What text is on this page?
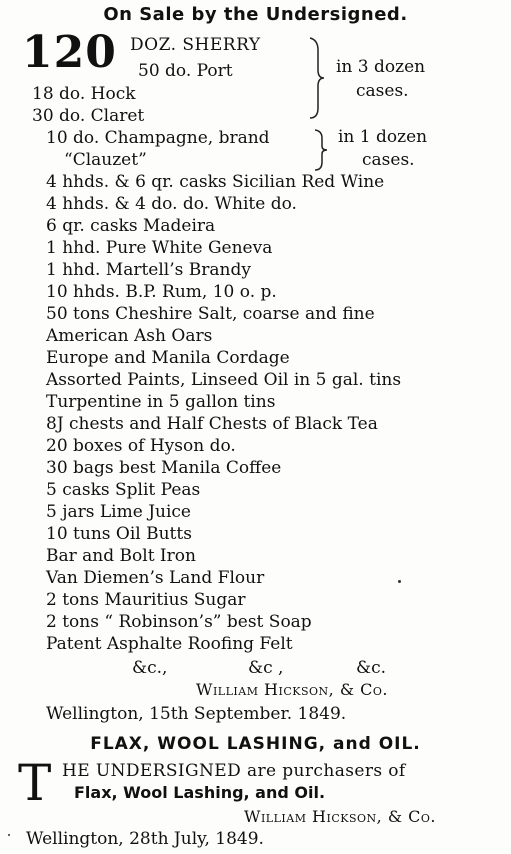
On Sale by the Undersigned.
120 DOZ. SHERRY
50 do. Port
18 do. Hock
30 do. Claret
in 3 dozen
cases.
10 do. Champagne, brand
“Clauzet”
in 1 dozen
cases.
4 hhds. & 6 qr. casks Sicilian Red Wine
4 hhds. & 4 do. do. White do.
6 qr. casks Madeira
1 hhd. Pure White Geneva
1 hhd. Martell’s Brandy
10 hhds. B.P. Rum, 10 o. p.
50 tons Cheshire Salt, coarse and fine
American Ash Oars
Europe and Manila Cordage
Assorted Paints, Linseed Oil in 5 gal. tins
Turpentine in 5 gallon tins
8J chests and Half Chests of Black Tea
20 boxes of Hyson do.
30 bags best Manila Coffee
5 casks Split Peas
5 jars Lime Juice
10 tuns Oil Butts
Bar and Bolt Iron
Van Diemen’s Land Flour
2 tons Mauritius Sugar
2 tons “ Robinson’s” best Soap
Patent Asphalte Roofing Felt
&c.,	&c ,	&c.
William Hickson, & Co.
Wellington, 15th September. 1849.
FLAX, WOOL LASHING, and OIL.
T HE UNDERSIGNED are purchasers of
Flax, Wool Lashing, and Oil.
William Hickson, & Co.
Wellington, 28th July, 1849.
